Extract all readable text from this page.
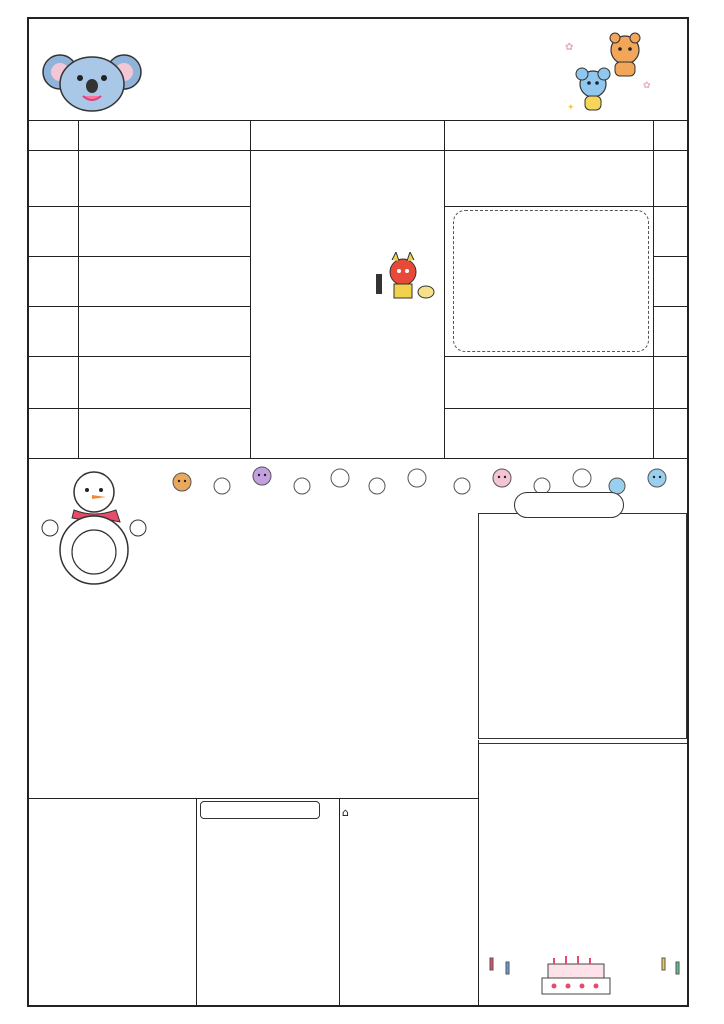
✿
✿
✦
⌂
